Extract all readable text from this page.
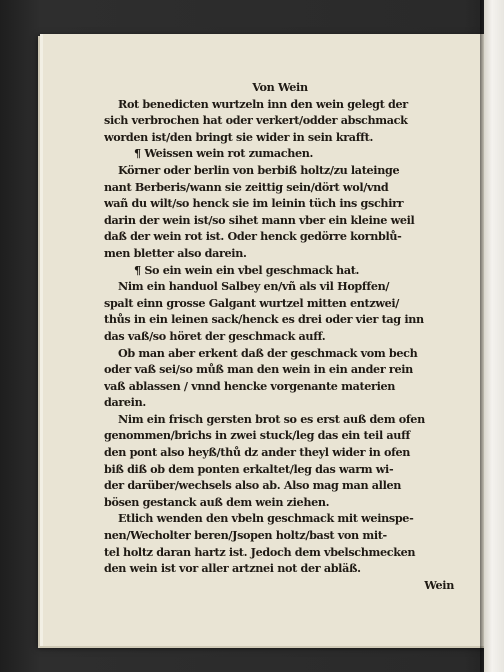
Von Wein
Rot benedicten wurtzeln inn den wein gelegt der
sich verbrochen hat oder verkert/odder abschmack
worden ist/den bringt sie wider in sein krafft.
¶ Weissen wein rot zumachen.
Körner oder berlin von berbiß holtz/zu lateinge
nant Berberis/wann sie zeittig sein/dört wol/vnd
wañ du wilt/so henck sie im leinin tüch ins gschirr
darin der wein ist/so sihet mann vber ein kleine weil
daß der wein rot ist. Oder henck gedörre kornblů-
men bletter also darein.
¶ So ein wein ein vbel geschmack hat.
Nim ein handuol Salbey en/vñ als vil Hopffen/
spalt einn grosse Galgant wurtzel mitten entzwei/
thůs in ein leinen sack/henck es drei oder vier tag inn
das vaß/so höret der geschmack auff.
Ob man aber erkent daß der geschmack vom bech
oder vaß sei/so můß man den wein in ein ander rein
vaß ablassen / vnnd hencke vorgenante materien
darein.
Nim ein frisch gersten brot so es erst auß dem ofen
genommen/brichs in zwei stuck/leg das ein teil auff
den pont also heyß/thů dz ander theyl wider in ofen
biß diß ob dem ponten erkaltet/leg das warm wi-
der darüber/wechsels also ab. Also mag man allen
bösen gestanck auß dem wein ziehen.
Etlich wenden den vbeln geschmack mit weinspe-
nen/Wecholter beren/Jsopen holtz/bast von mit-
tel holtz daran hartz ist. Jedoch dem vbelschmecken
den wein ist vor aller artznei not der abläß.
Wein
